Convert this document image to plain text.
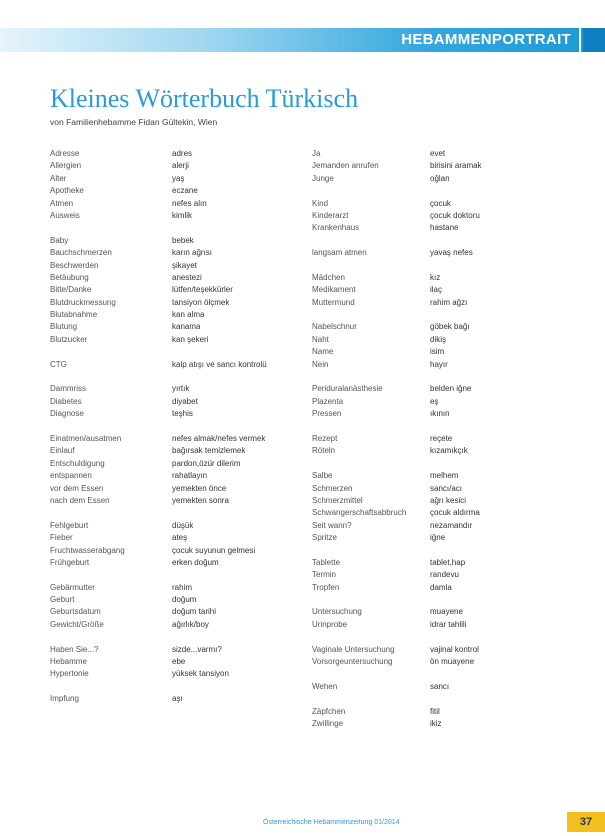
HEBAMMENPORTRAIT
Kleines Wörterbuch Türkisch
von Familienhebamme Fidan Gültekin, Wien
Adresse	adres
Allergien	alerji
Alter	yaş
Apotheke	eczane
Atmen	nefes alın
Ausweis	kimlik
Baby	bebek
Bauchschmerzen	karın ağrısı
Beschwerden	şikayet
Betäubung	anestezi
Bitte/Danke	lütfen/teşekkürler
Blutdruckmessung	tansiyon ölçmek
Blutabnahme	kan alma
Blutung	kanama
Blutzucker	kan şekeri
CTG	kalp atışı ve sancı kontrolü
Dammriss	yırtık
Diabetes	diyabet
Diagnose	teşhis
Einatmen/ausatmen	nefes almak/nefes vermek
Einlauf	bağırsak temizlemek
Entschuldigung	pardon,özür dilerim
entspannen	rahatlayın
vor dem Essen	yemekten önce
nach dem Essen	yemekten sonra
Fehlgeburt	düşük
Fieber	ateş
Fruchtwasserabgang	çocuk suyunun gelmesi
Frühgeburt	erken doğum
Gebärmutter	rahim
Geburt	doğum
Geburtsdatum	doğum tarihi
Gewicht/Größe	ağırlık/boy
Haben Sie...?	sizde...varmı?
Hebamme	ebe
Hypertonie	yüksek tansiyon
Impfung	aşı
Ja	evet
Jemanden anrufen	birisini aramak
Junge	oğlan
Kind	çocuk
Kinderarzt	çocuk doktoru
Krankenhaus	hastane
langsam atmen	yavaş nefes
Mädchen	kız
Medikament	ilaç
Muttermund	rahim ağzı
Nabelschnur	göbek bağı
Naht	dikiş
Name	isim
Nein	hayır
Periduralanästhesie	belden iğne
Plazenta	eş
Pressen	ıkının
Rezept	reçete
Röteln	kızamıkçık
Salbe	melhem
Schmerzen	sancı/acı
Schmerzmittel	ağrı kesici
Schwangerschaftsabbruch	çocuk aldırma
Seit wann?	nezamandır
Spritze	iğne
Tablette	tablet,hap
Termin	randevu
Tropfen	damla
Untersuchung	muayene
Urinprobe	idrar tahlili
Vaginale Untersuchung	vajinal kontrol
Vorsorgeuntersuchung	ön muayene
Wehen	sancı
Zäpfchen	fitil
Zwillinge	ikiz
Österreichische Hebammenzeitung 01/2014	37
